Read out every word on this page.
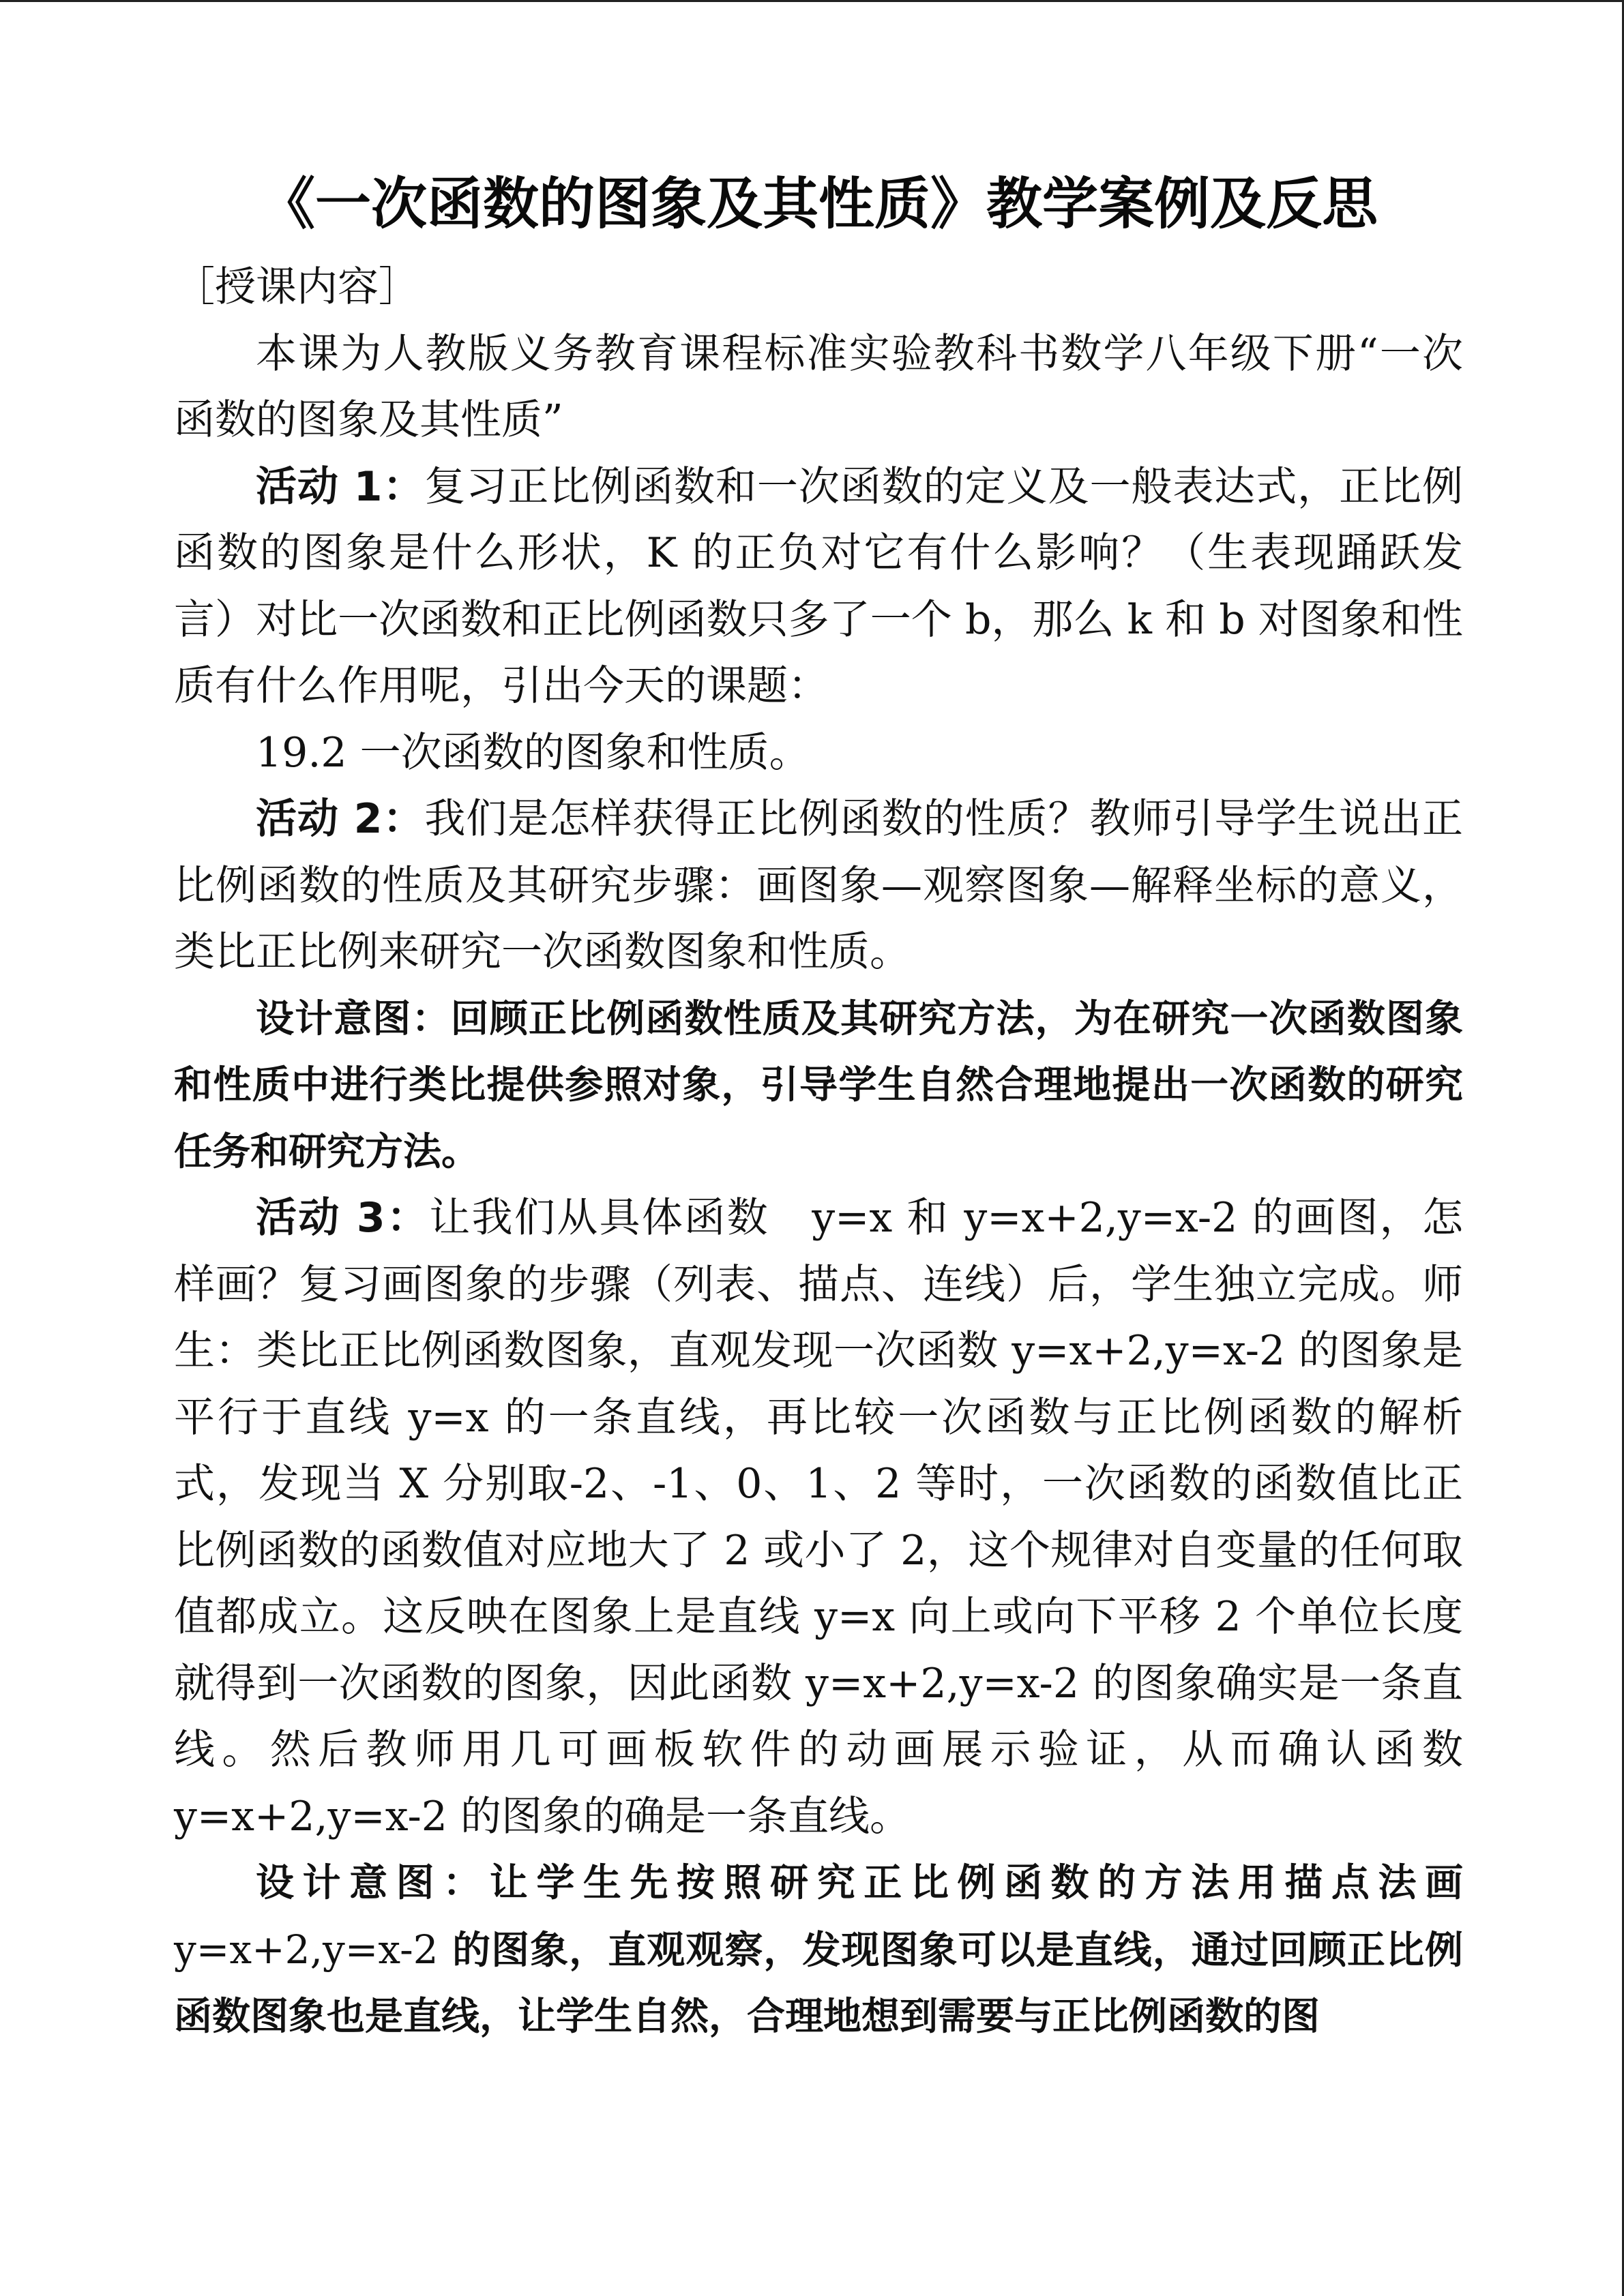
《一次函数的图象及其性质》教学案例及反思

［授课内容］

本课为人教版义务教育课程标准实验教科书数学八年级下册“一次函数的图象及其性质”

活动 1：复习正比例函数和一次函数的定义及一般表达式，正比例函数的图象是什么形状，K 的正负对它有什么影响？（生表现踊跃发言）对比一次函数和正比例函数只多了一个 b，那么 k 和 b 对图象和性质有什么作用呢，引出今天的课题：

19.2 一次函数的图象和性质。

活动 2：我们是怎样获得正比例函数的性质？教师引导学生说出正比例函数的性质及其研究步骤：画图象—观察图象—解释坐标的意义，类比正比例来研究一次函数图象和性质。

设计意图：回顾正比例函数性质及其研究方法，为在研究一次函数图象和性质中进行类比提供参照对象，引导学生自然合理地提出一次函数的研究任务和研究方法。

活动 3：让我们从具体函数　y=x 和 y=x+2,y=x-2 的画图，怎样画？复习画图象的步骤（列表、描点、连线）后，学生独立完成。师生：类比正比例函数图象，直观发现一次函数 y=x+2,y=x-2 的图象是平行于直线 y=x 的一条直线，再比较一次函数与正比例函数的解析式，发现当 X 分别取-2、-1、0、1、2 等时，一次函数的函数值比正比例函数的函数值对应地大了 2 或小了 2，这个规律对自变量的任何取值都成立。这反映在图象上是直线 y=x 向上或向下平移 2 个单位长度就得到一次函数的图象，因此函数 y=x+2,y=x-2 的图象确实是一条直线。然后教师用几可画板软件的动画展示验证，从而确认函数 y=x+2,y=x-2 的图象的确是一条直线。

设计意图：让学生先按照研究正比例函数的方法用描点法画y=x+2,y=x-2 的图象，直观观察，发现图象可以是直线，通过回顾正比例函数图象也是直线，让学生自然，合理地想到需要与正比例函数的图
